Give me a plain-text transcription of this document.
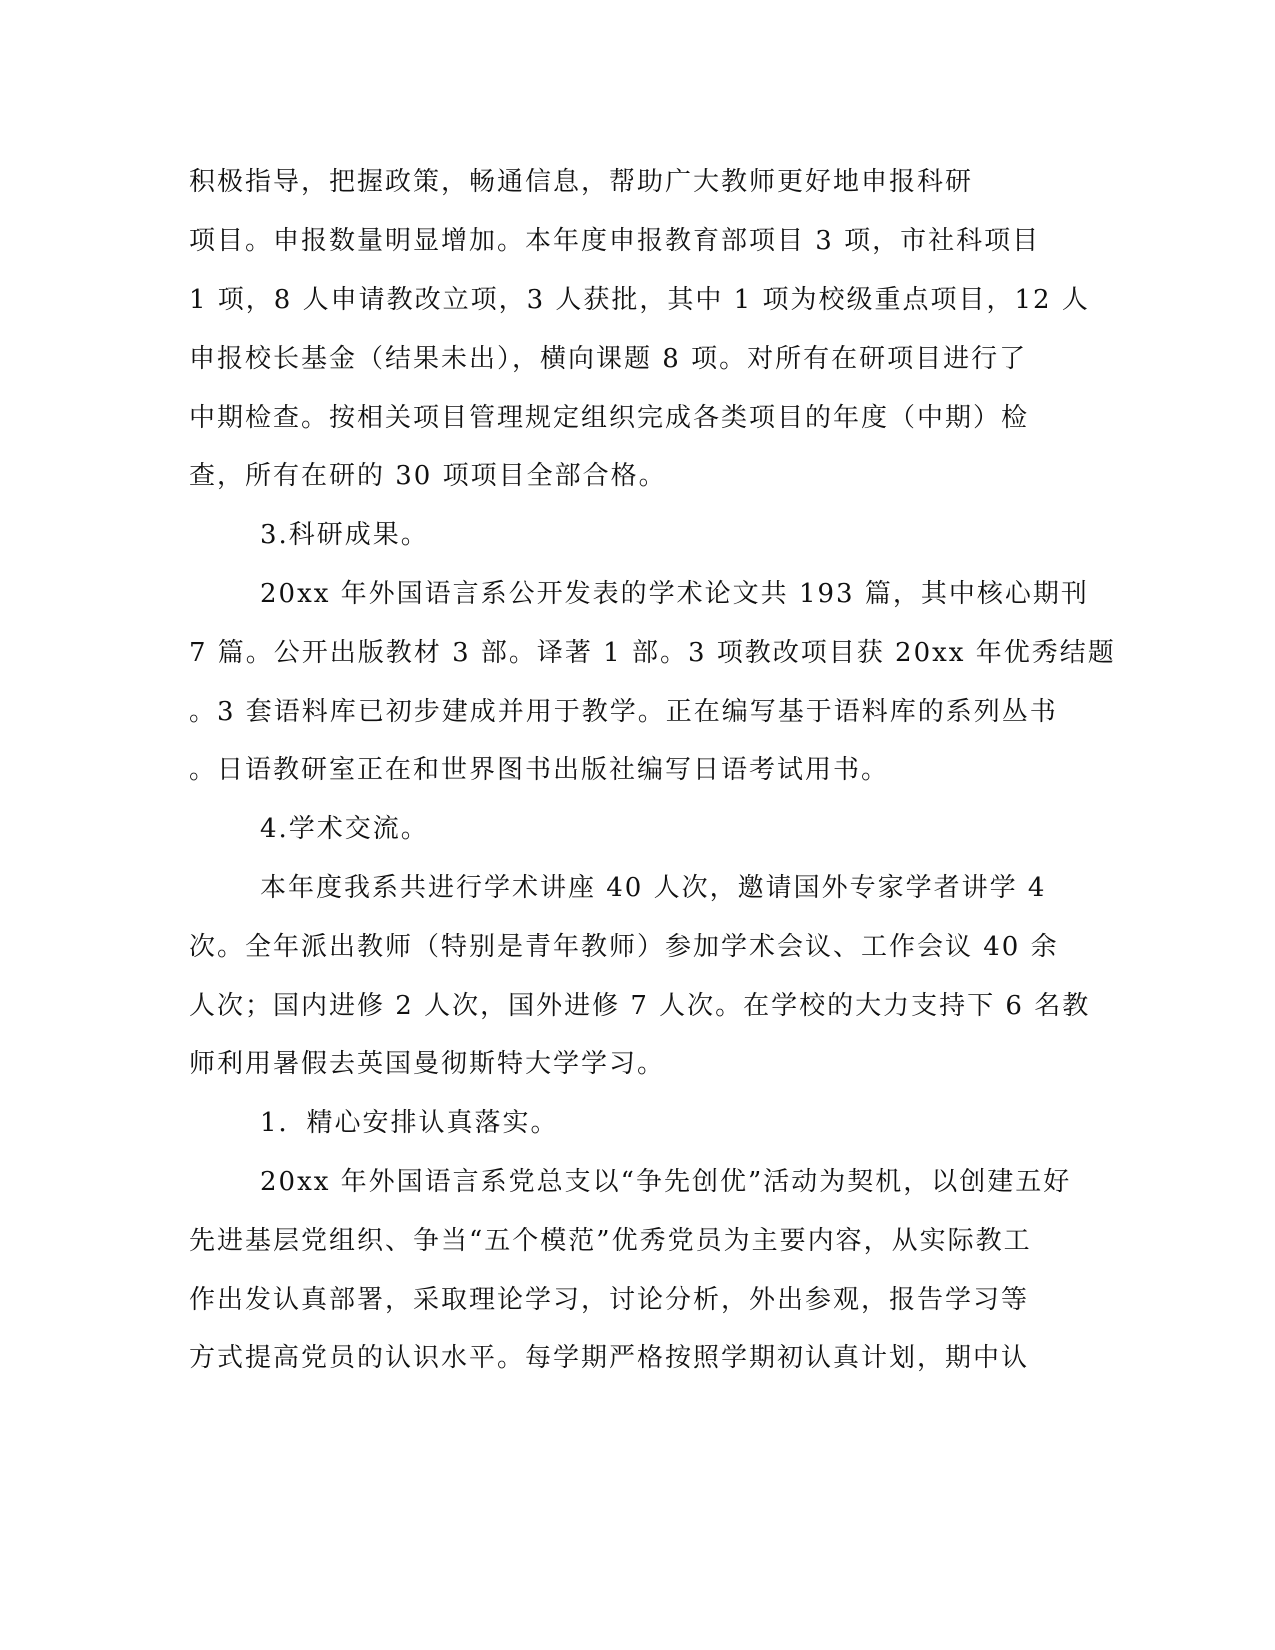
积极指导，把握政策，畅通信息，帮助广大教师更好地申报科研

项目。申报数量明显增加。本年度申报教育部项目 3 项，市社科项目

1 项，8 人申请教改立项，3 人获批，其中 1 项为校级重点项目，12 人

申报校长基金（结果未出），横向课题 8 项。对所有在研项目进行了

中期检查。按相关项目管理规定组织完成各类项目的年度（中期）检

查，所有在研的 30 项项目全部合格。

3.科研成果。

20xx 年外国语言系公开发表的学术论文共 193 篇，其中核心期刊

7 篇。公开出版教材 3 部。译著 1 部。3 项教改项目获 20xx 年优秀结题

。3 套语料库已初步建成并用于教学。正在编写基于语料库的系列丛书

。日语教研室正在和世界图书出版社编写日语考试用书。

4.学术交流。

本年度我系共进行学术讲座 40 人次，邀请国外专家学者讲学 4

次。全年派出教师（特别是青年教师）参加学术会议、工作会议 40 余

人次；国内进修 2 人次，国外进修 7 人次。在学校的大力支持下 6 名教

师利用暑假去英国曼彻斯特大学学习。

1．精心安排认真落实。

20xx 年外国语言系党总支以“争先创优”活动为契机，以创建五好

先进基层党组织、争当“五个模范”优秀党员为主要内容，从实际教工

作出发认真部署，采取理论学习，讨论分析，外出参观，报告学习等

方式提高党员的认识水平。每学期严格按照学期初认真计划，期中认
